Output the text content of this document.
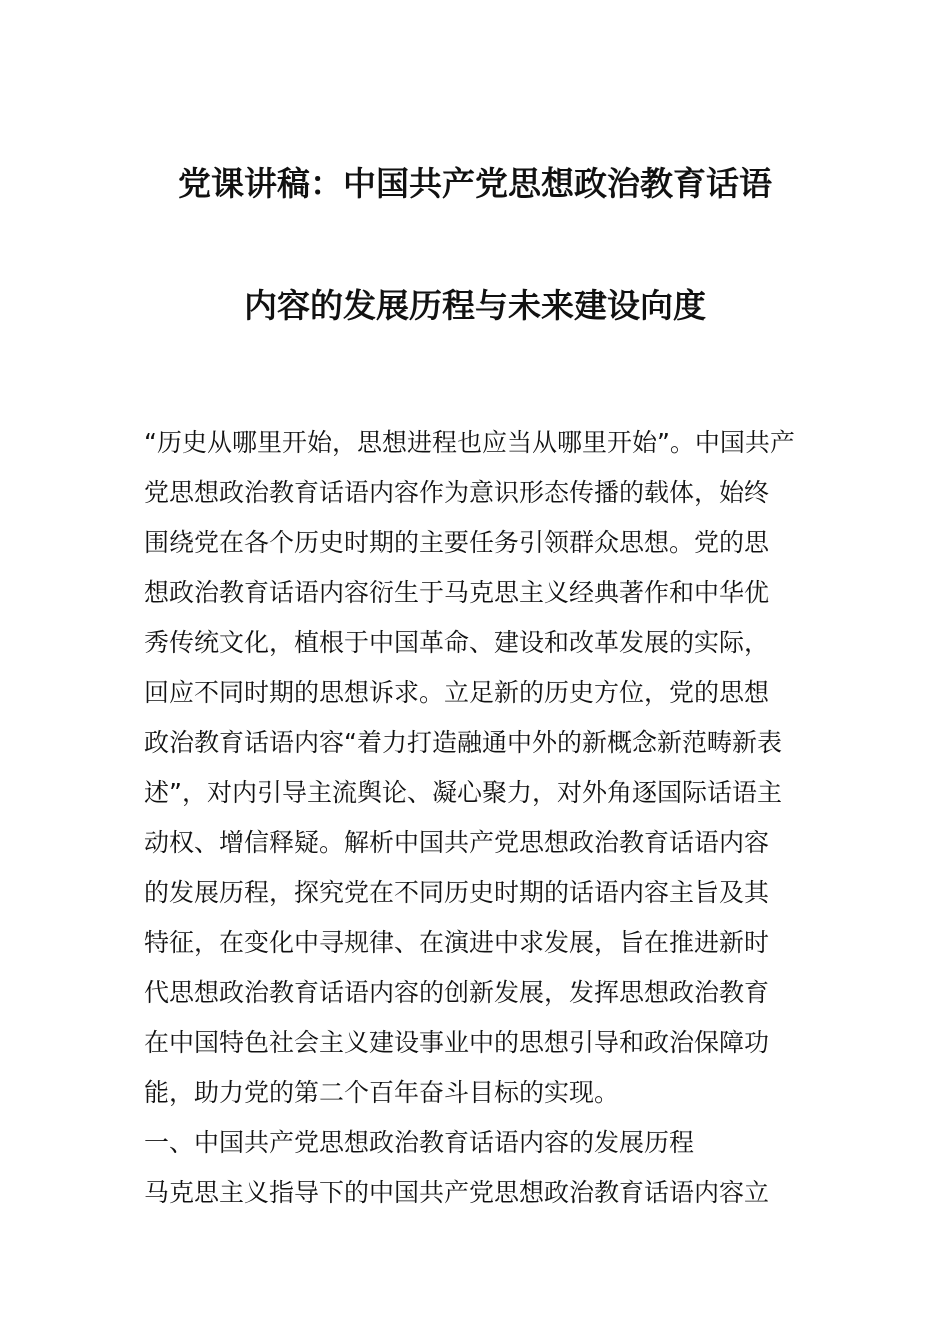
党课讲稿：中国共产党思想政治教育话语
内容的发展历程与未来建设向度
“历史从哪里开始，思想进程也应当从哪里开始”。中国共产
党思想政治教育话语内容作为意识形态传播的载体，始终
围绕党在各个历史时期的主要任务引领群众思想。党的思
想政治教育话语内容衍生于马克思主义经典著作和中华优
秀传统文化，植根于中国革命、建设和改革发展的实际，
回应不同时期的思想诉求。立足新的历史方位，党的思想
政治教育话语内容“着力打造融通中外的新概念新范畴新表
述”，对内引导主流舆论、凝心聚力，对外角逐国际话语主
动权、增信释疑。解析中国共产党思想政治教育话语内容
的发展历程，探究党在不同历史时期的话语内容主旨及其
特征，在变化中寻规律、在演进中求发展，旨在推进新时
代思想政治教育话语内容的创新发展，发挥思想政治教育
在中国特色社会主义建设事业中的思想引导和政治保障功
能，助力党的第二个百年奋斗目标的实现。
一、中国共产党思想政治教育话语内容的发展历程
马克思主义指导下的中国共产党思想政治教育话语内容立
